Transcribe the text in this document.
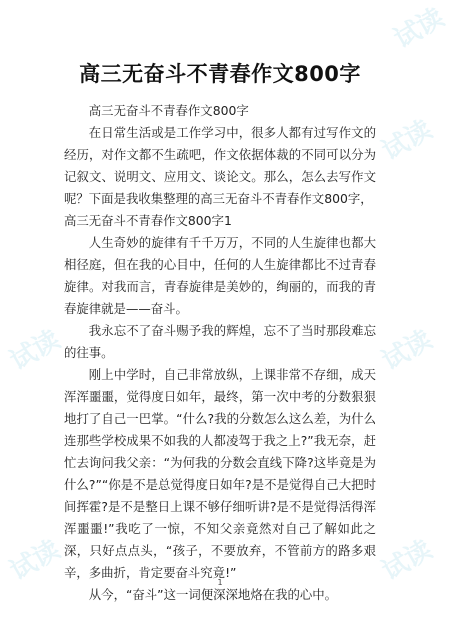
试读
试读
试读
试读
试读	试读
高三无奋斗不青春作文800字

高三无奋斗不青春作文800字

在日常生活或是工作学习中，很多人都有过写作文的经历，对作文都不生疏吧，作文依据体裁的不同可以分为记叙文、说明文、应用文、谈论文。那么，怎么去写作文呢？下面是我收集整理的高三无奋斗不青春作文800字，

高三无奋斗不青春作文800字1

人生奇妙的旋律有千千万万，不同的人生旋律也都大相径庭，但在我的心目中，任何的人生旋律都比不过青春旋律。对我而言，青春旋律是美妙的，绚丽的，而我的青春旋律就是——奋斗。

我永忘不了奋斗赐予我的辉煌，忘不了当时那段难忘的往事。

刚上中学时，自己非常放纵，上课非常不存细，成天浑浑噩噩，觉得度日如年，最终，第一次中考的分数狠狠地打了自己一巴掌。“什么?我的分数怎么这么差，为什么连那些学校成果不如我的人都凌驾于我之上?”我无奈，赶忙去询问我父亲：“为何我的分数会直线下降?这毕竟是为什么?”“你是不是总觉得度日如年?是不是觉得自己大把时间挥霍?是不是整日上课不够仔细听讲?是不是觉得活得浑浑噩噩!”我吃了一惊，不知父亲竟然对自己了解如此之深，只好点点头，“孩子，不要放弃，不管前方的路多艰辛，多曲折，肯定要奋斗究竟!”

从今，“奋斗”这一词便深深地烙在我的心中。

1
